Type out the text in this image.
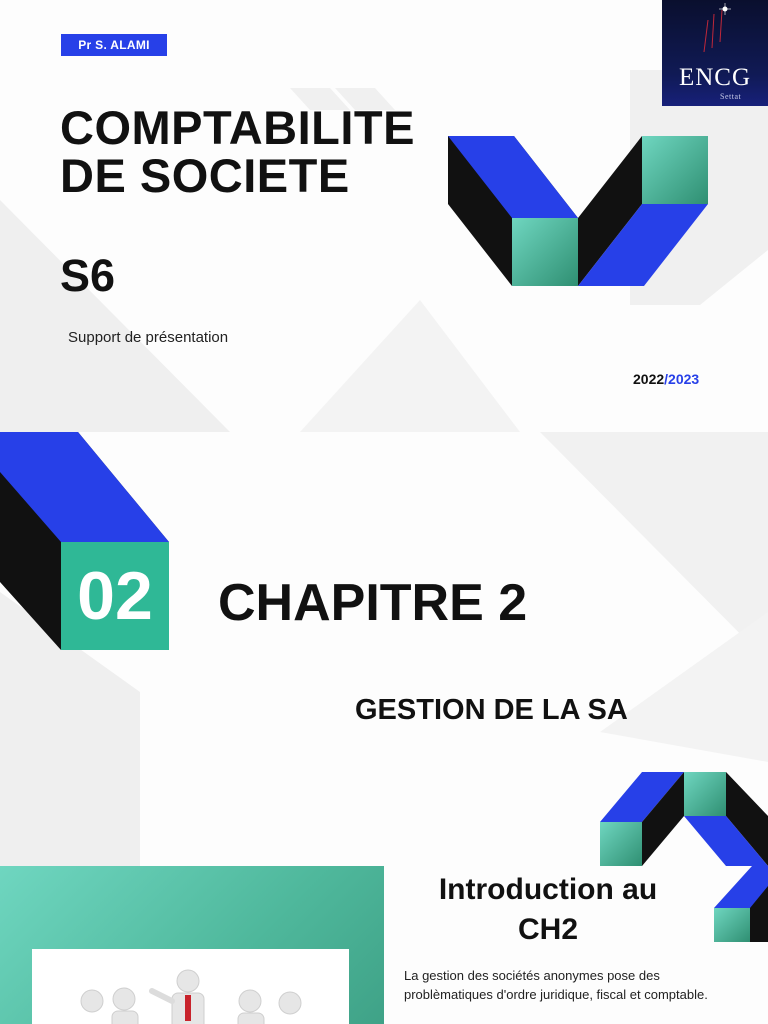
Pr S. ALAMI
COMPTABILITE
DE SOCIETE
S6
Support de présentation
2022/2023
ENCG
Settat
02	CHAPITRE 2
GESTION DE LA SA
Introduction au
CH2
La gestion des sociétés anonymes pose des
problèmatiques d'ordre juridique, fiscal et comptable.
